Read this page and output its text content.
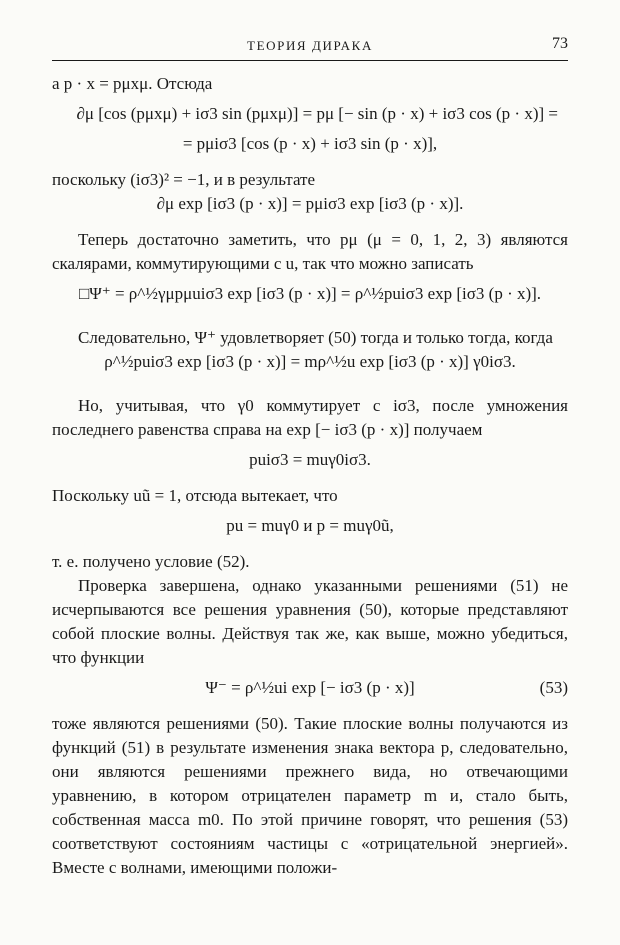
ТЕОРИЯ ДИРАКА	73

а p · x = pμxμ. Отсюда

∂μ [cos (pμxμ) + iσ3 sin (pμxμ)] = pμ [− sin (p · x) + iσ3 cos (p · x)] =
= pμiσ3 [cos (p · x) + iσ3 sin (p · x)],

поскольку (iσ3)² = −1, и в результате

∂μ exp [iσ3 (p · x)] = pμiσ3 exp [iσ3 (p · x)].

Теперь достаточно заметить, что pμ (μ = 0, 1, 2, 3) являются скалярами, коммутирующими с u, так что можно записать

□Ψ⁺ = ρ^½γμpμuiσ3 exp [iσ3 (p · x)] = ρ^½puiσ3 exp [iσ3 (p · x)].

Следовательно, Ψ⁺ удовлетворяет (50) тогда и только тогда, когда

ρ^½puiσ3 exp [iσ3 (p · x)] = mρ^½u exp [iσ3 (p · x)] γ0iσ3.

Но, учитывая, что γ0 коммутирует с iσ3, после умножения последнего равенства справа на exp [− iσ3 (p · x)] получаем

puiσ3 = muγ0iσ3.

Поскольку uũ = 1, отсюда вытекает, что

pu = muγ0 и p = muγ0ũ,

т. е. получено условие (52).

Проверка завершена, однако указанными решениями (51) не исчерпываются все решения уравнения (50), которые представляют собой плоские волны. Действуя так же, как выше, можно убедиться, что функции

Ψ⁻ = ρ^½ui exp [− iσ3 (p · x)]	(53)

тоже являются решениями (50). Такие плоские волны получаются из функций (51) в результате изменения знака вектора p, следовательно, они являются решениями прежнего вида, но отвечающими уравнению, в котором отрицателен параметр m и, стало быть, собственная масса m0. По этой причине говорят, что решения (53) соответствуют состояниям частицы с «отрицательной энергией». Вместе с волнами, имеющими положи-
